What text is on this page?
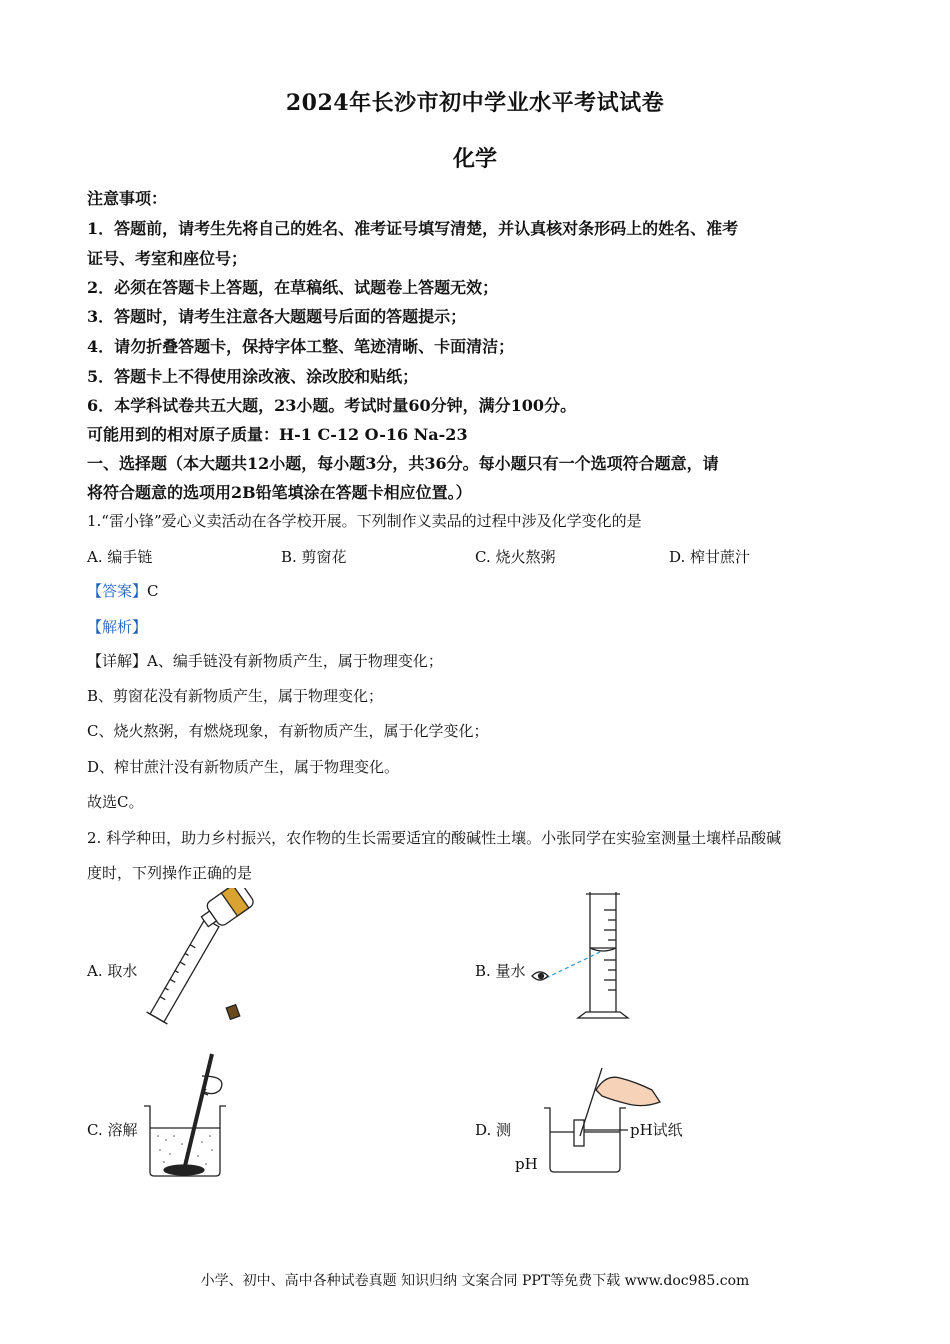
2024年长沙市初中学业水平考试试卷
化学
注意事项：
1．答题前，请考生先将自己的姓名、准考证号填写清楚，并认真核对条形码上的姓名、准考
证号、考室和座位号；
2．必须在答题卡上答题，在草稿纸、试题卷上答题无效；
3．答题时，请考生注意各大题题号后面的答题提示；
4．请勿折叠答题卡，保持字体工整、笔迹清晰、卡面清洁；
5．答题卡上不得使用涂改液、涂改胶和贴纸；
6．本学科试卷共五大题，23小题。考试时量60分钟，满分100分。
可能用到的相对原子质量：H-1 C-12 O-16 Na-23
一、选择题（本大题共12小题，每小题3分，共36分。每小题只有一个选项符合题意，请
将符合题意的选项用2B铅笔填涂在答题卡相应位置。）
1.“雷小锋”爱心义卖活动在各学校开展。下列制作义卖品的过程中涉及化学变化的是
A. 编手链	B. 剪窗花	C. 烧火熬粥	D. 榨甘蔗汁
【答案】C
【解析】
【详解】A、编手链没有新物质产生，属于物理变化；
B、剪窗花没有新物质产生，属于物理变化；
C、烧火熬粥，有燃烧现象，有新物质产生，属于化学变化；
D、榨甘蔗汁没有新物质产生，属于物理变化。
故选C。
2. 科学种田，助力乡村振兴，农作物的生长需要适宜的酸碱性土壤。小张同学在实验室测量土壤样品酸碱
度时，下列操作正确的是
A. 取水	B. 量水
C. 溶解	D. 测
pH
pH试纸
小学、初中、高中各种试卷真题 知识归纳 文案合同 PPT等免费下载 www.doc985.com
